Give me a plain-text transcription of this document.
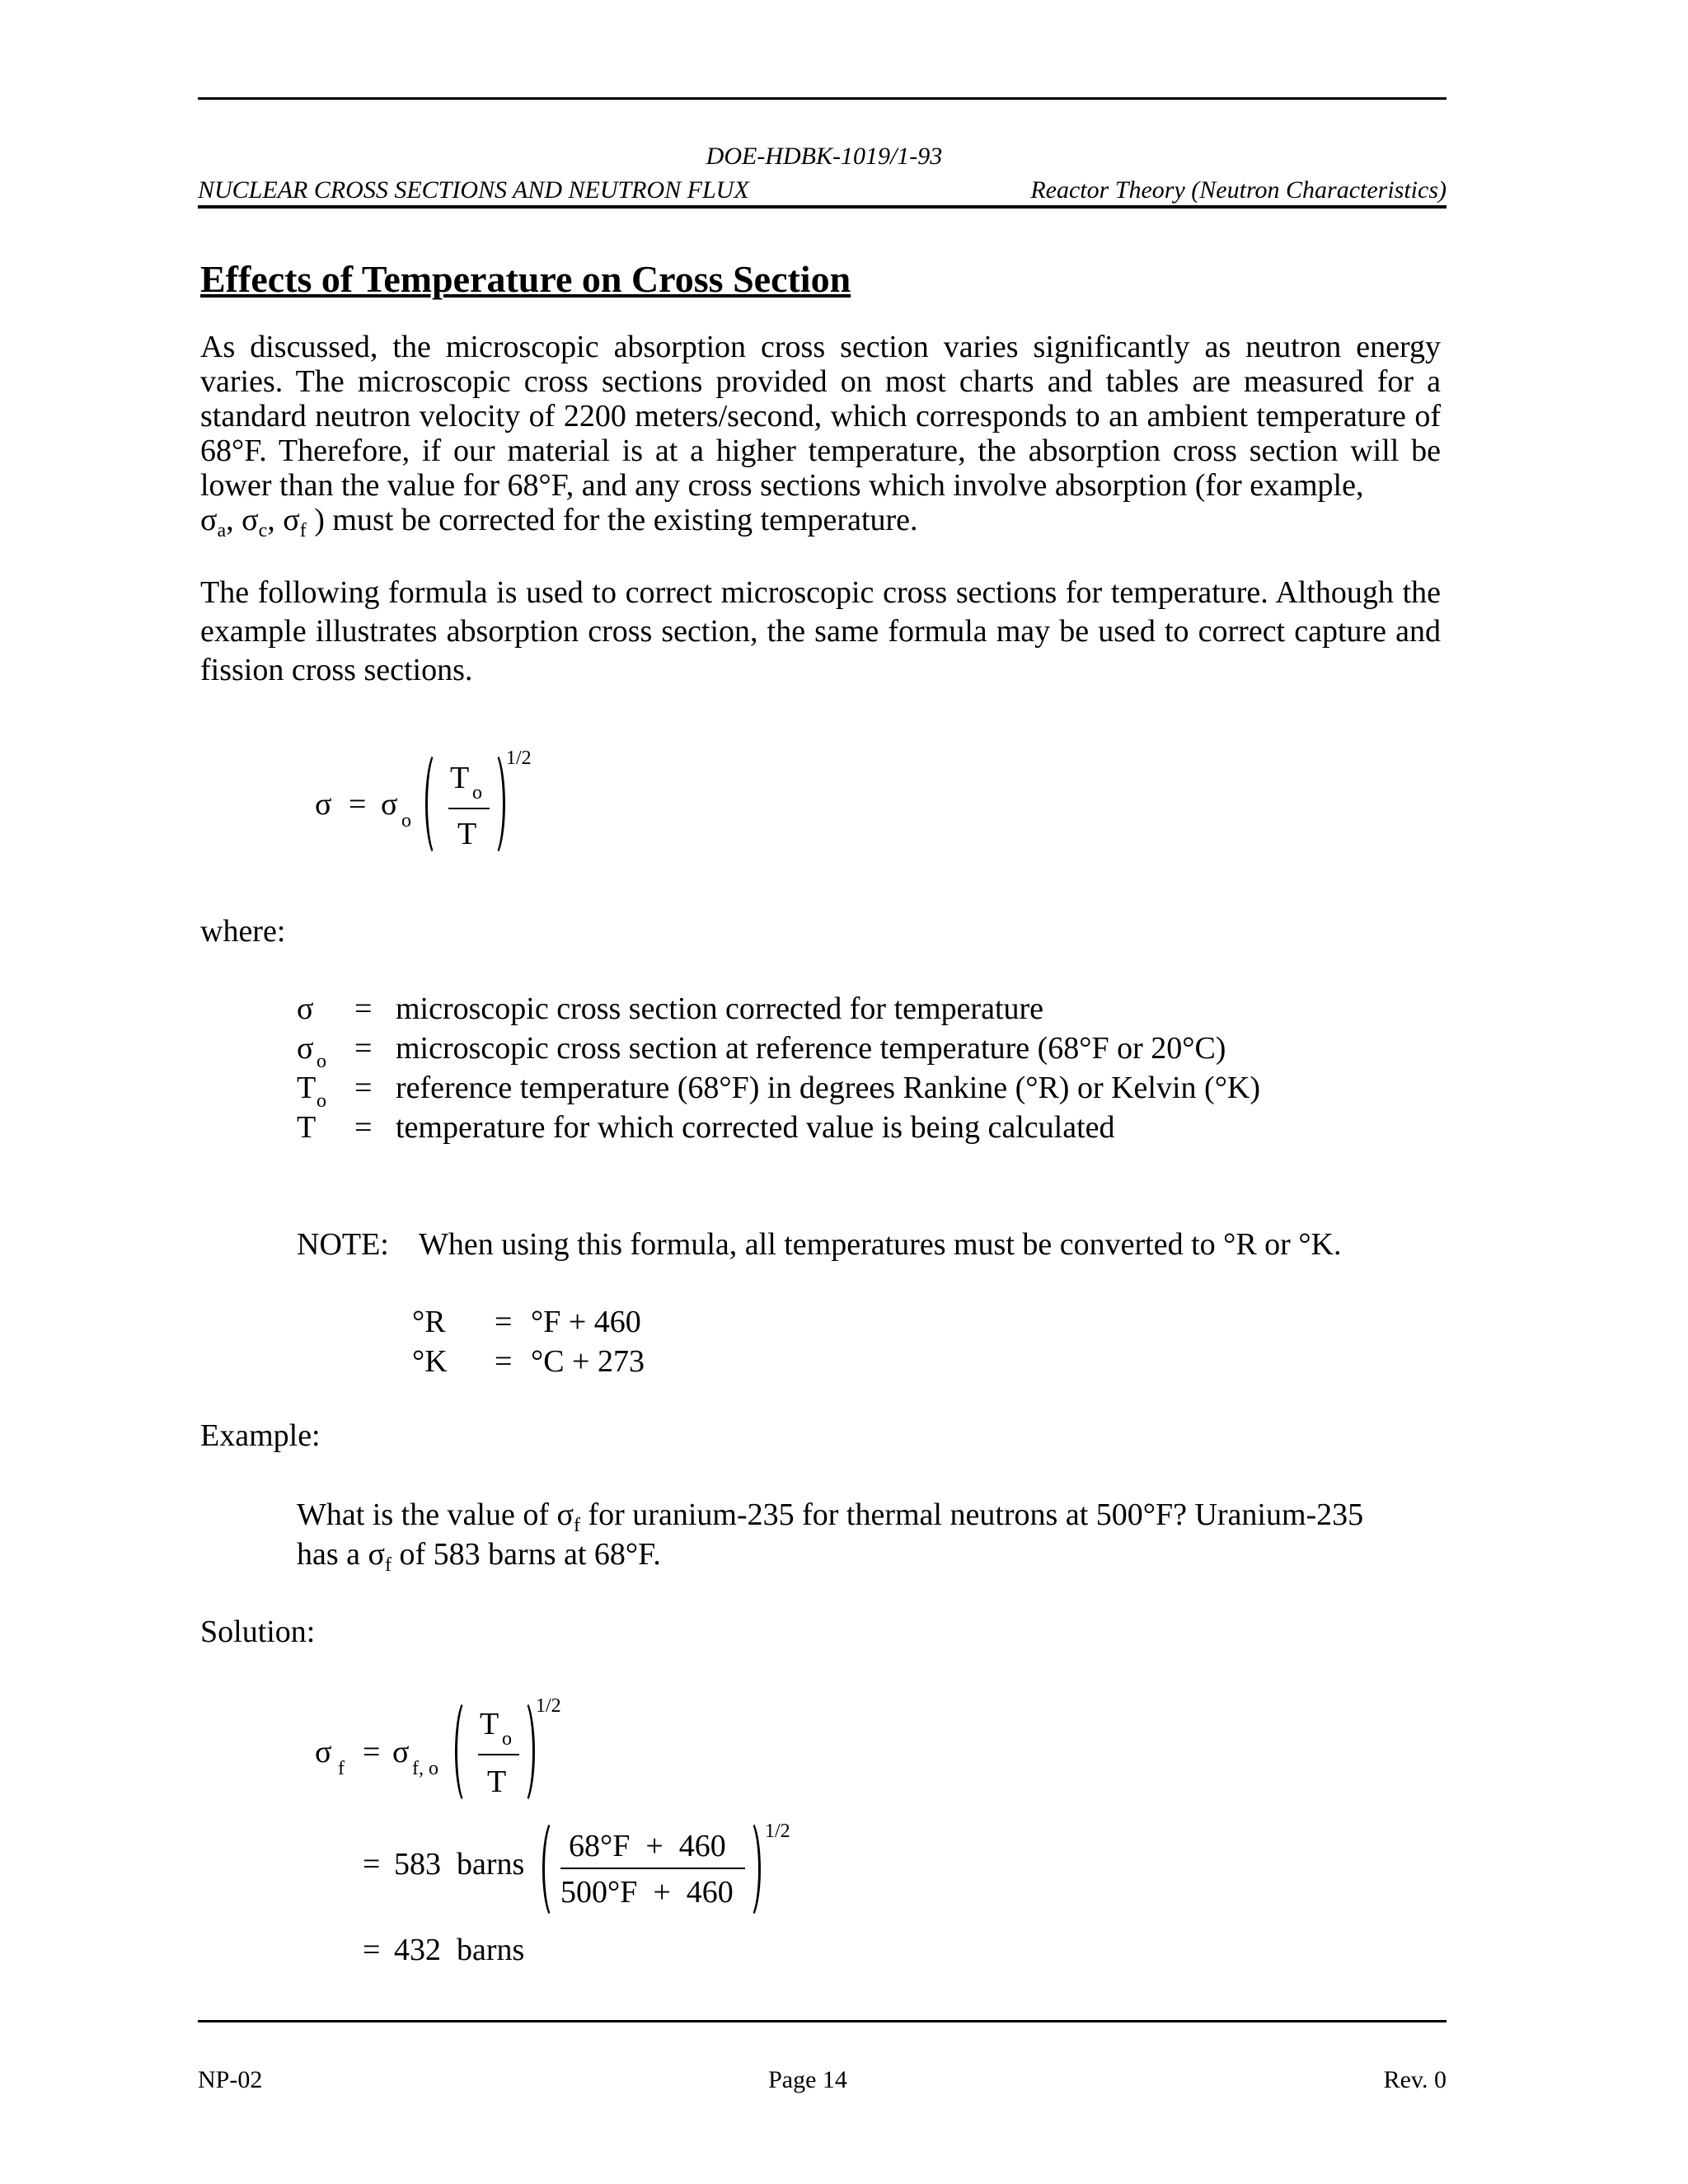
DOE-HDBK-1019/1-93
NUCLEAR CROSS SECTIONS AND NEUTRON FLUX	Reactor Theory (Neutron Characteristics)
Effects of Temperature on Cross Section
As discussed, the microscopic absorption cross section varies significantly as neutron energy varies. The microscopic cross sections provided on most charts and tables are measured for a standard neutron velocity of 2200 meters/second, which corresponds to an ambient temperature of 68°F. Therefore, if our material is at a higher temperature, the absorption cross section will be lower than the value for 68°F, and any cross sections which involve absorption (for example,
$\sigma_a$, $\sigma_c$, $\sigma_f$ ) must be corrected for the existing temperature.
The following formula is used to correct microscopic cross sections for temperature. Although the example illustrates absorption cross section, the same formula may be used to correct capture and fission cross sections.
σ = σ o
T o
T
1/2
where:
σ = microscopic cross section corrected for temperature
σ o = microscopic cross section at reference temperature (68°F or 20°C)
T o = reference temperature (68°F) in degrees Rankine (°R) or Kelvin (°K)
T = temperature for which corrected value is being calculated
NOTE: When using this formula, all temperatures must be converted to °R or °K.
°R = °F + 460
°K = °C + 273
Example:
What is the value of $\sigma_f$ for uranium-235 for thermal neutrons at 500°F? Uranium-235
has a $\sigma_f$ of 583 barns at 68°F.
Solution:
σ f = σ f, o
T o
T
1/2
= 583  barns
68°F  +  460
500°F  +  460
1/2
= 432  barns
NP-02	Page 14	Rev. 0
